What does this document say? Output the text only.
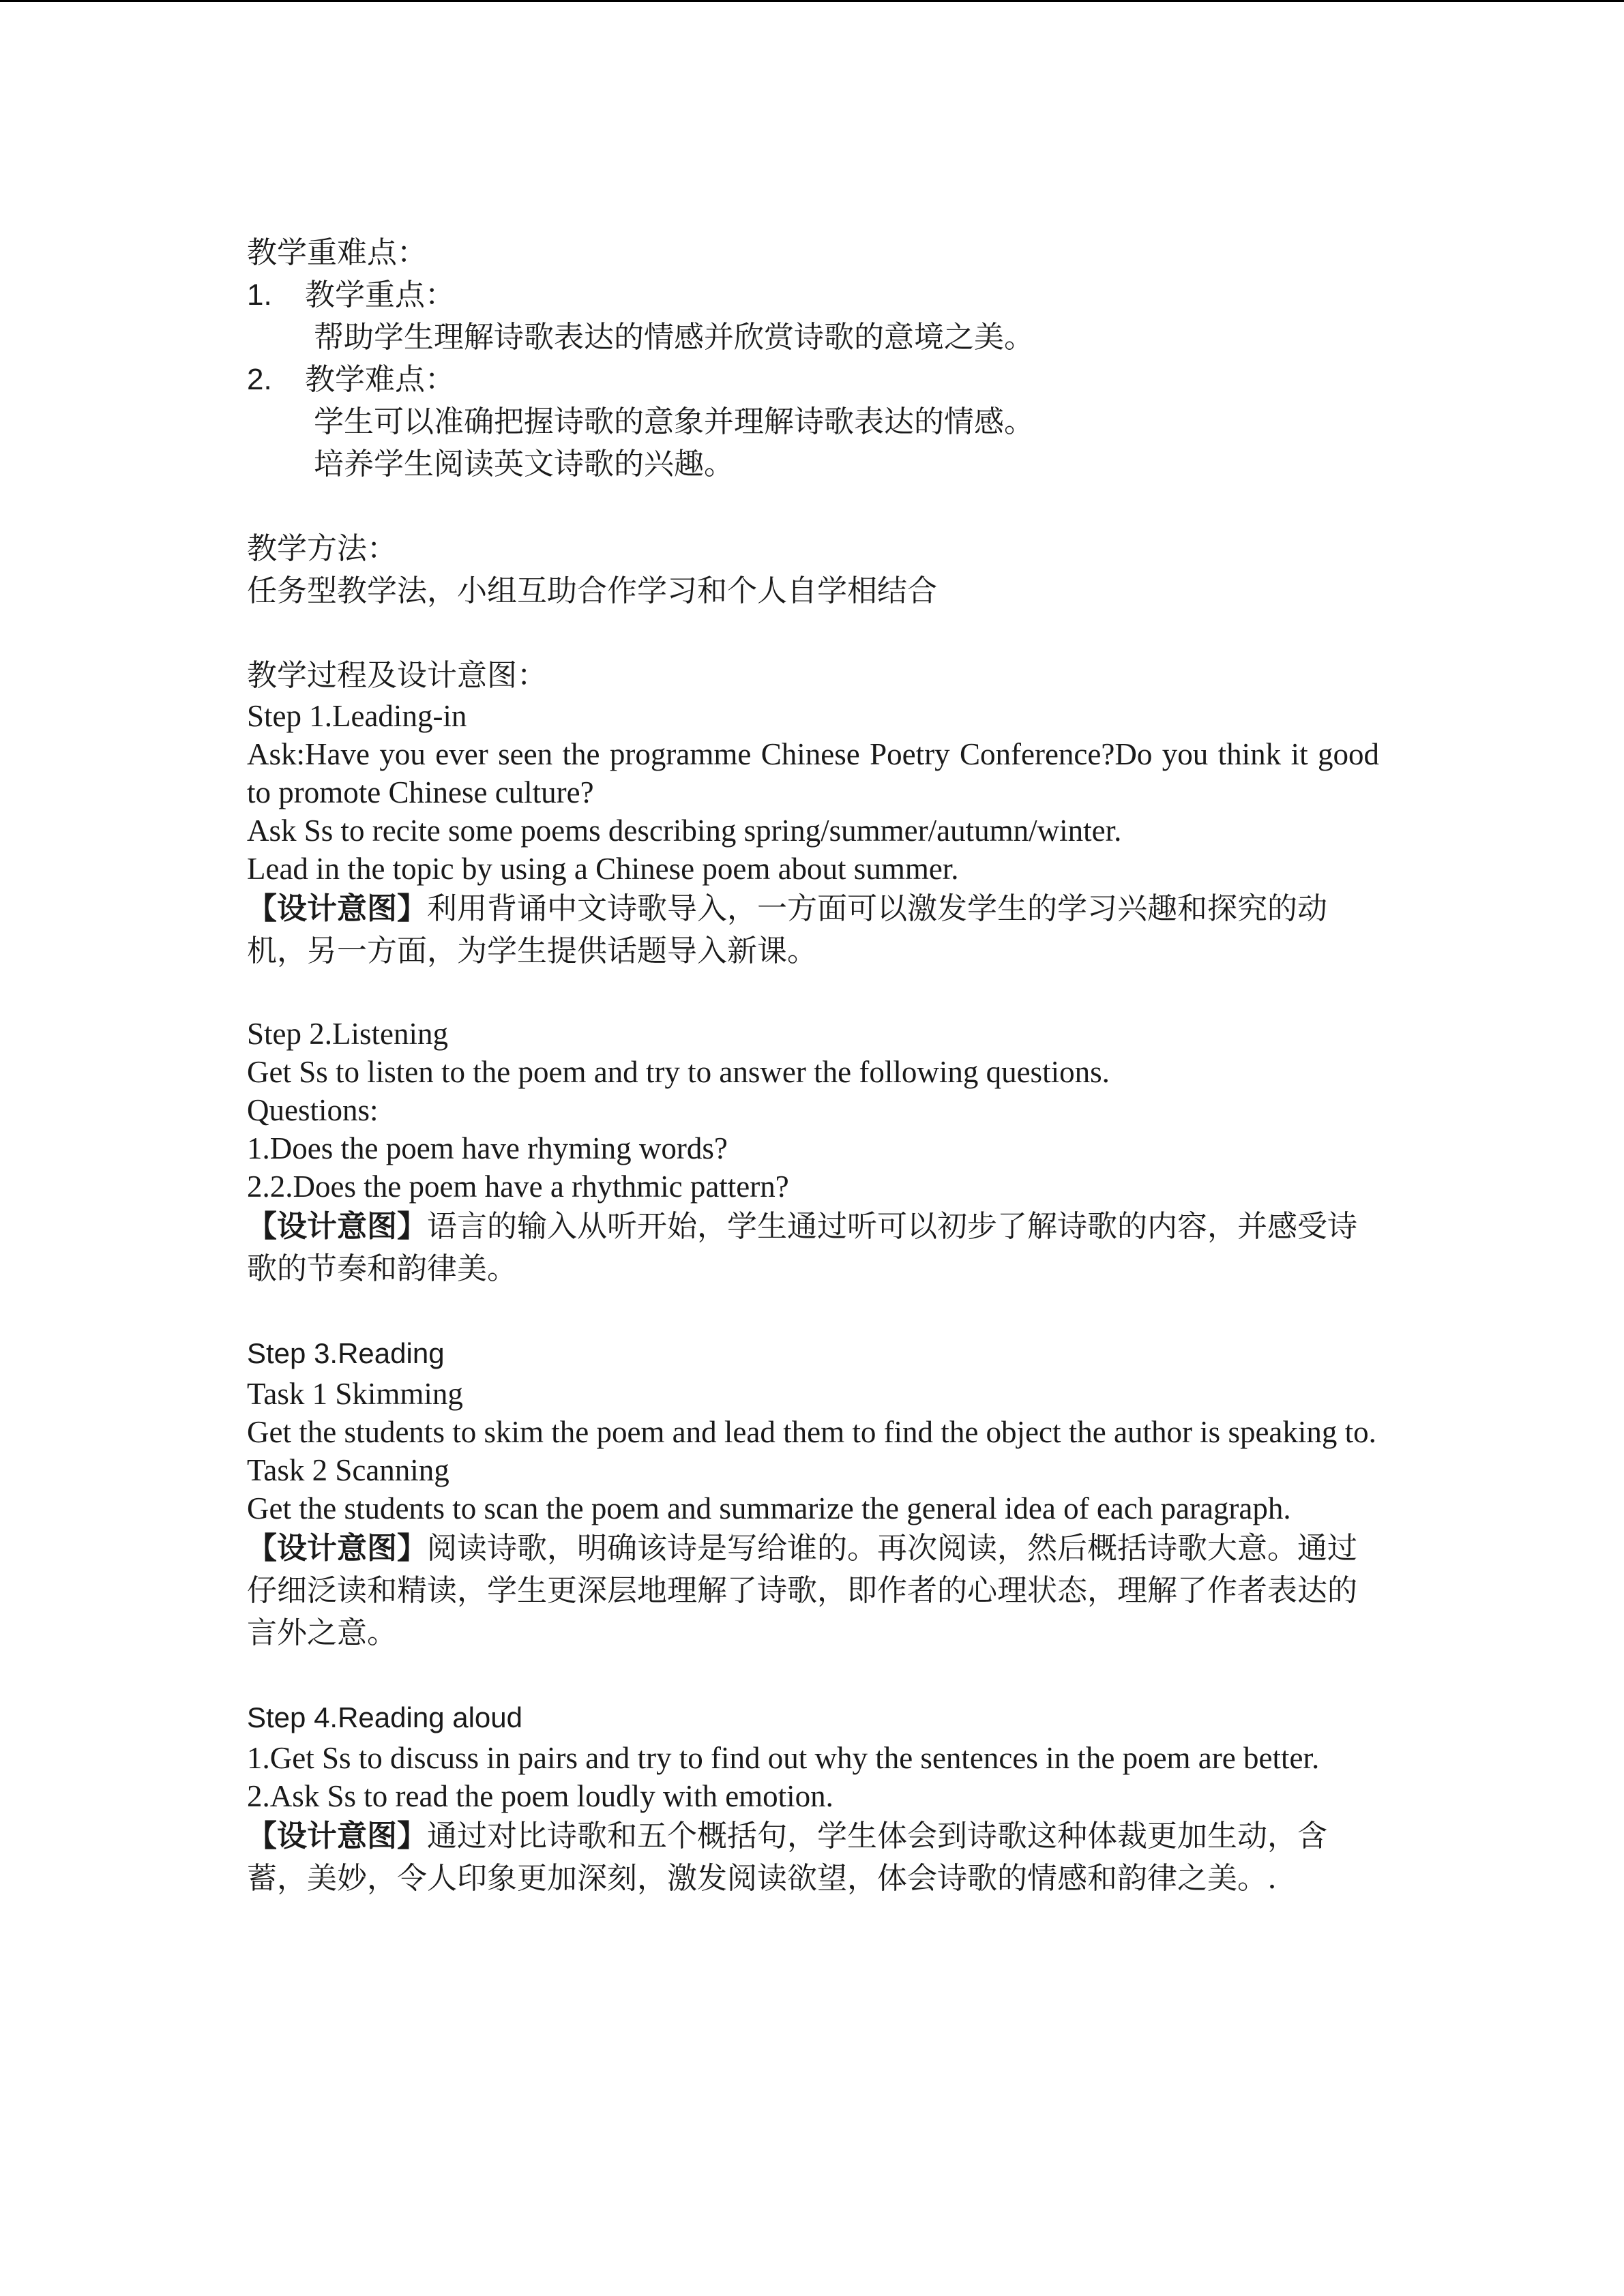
教学重难点：

1.	教学重点：

帮助学生理解诗歌表达的情感并欣赏诗歌的意境之美。

2.	教学难点：

学生可以准确把握诗歌的意象并理解诗歌表达的情感。

培养学生阅读英文诗歌的兴趣。

教学方法：

任务型教学法，小组互助合作学习和个人自学相结合

教学过程及设计意图：

Step 1.Leading-in

Ask:Have you ever seen the programme Chinese Poetry Conference?Do you think it good to promote Chinese culture?

Ask Ss to recite some poems describing spring/summer/autumn/winter.

Lead in the topic by using a Chinese poem about summer.

【设计意图】利用背诵中文诗歌导入，一方面可以激发学生的学习兴趣和探究的动机，另一方面，为学生提供话题导入新课。

Step 2.Listening

Get Ss to listen to the poem and try to answer the following questions.

Questions:

1.Does the poem have rhyming words?

2.2.Does the poem have a rhythmic pattern?

【设计意图】语言的输入从听开始，学生通过听可以初步了解诗歌的内容，并感受诗歌的节奏和韵律美。

Step 3.Reading

Task 1 Skimming

Get the students to skim the poem and lead them to find the object the author is speaking to.

Task 2 Scanning

Get the students to scan the poem and summarize the general idea of each paragraph.

【设计意图】阅读诗歌，明确该诗是写给谁的。再次阅读，然后概括诗歌大意。通过仔细泛读和精读，学生更深层地理解了诗歌，即作者的心理状态，理解了作者表达的言外之意。

Step 4.Reading aloud

1.Get Ss to discuss in pairs and try to find out why the sentences in the poem are better.

2.Ask Ss to read the poem loudly with emotion.

【设计意图】通过对比诗歌和五个概括句，学生体会到诗歌这种体裁更加生动，含蓄，美妙，令人印象更加深刻，激发阅读欲望，体会诗歌的情感和韵律之美。.
